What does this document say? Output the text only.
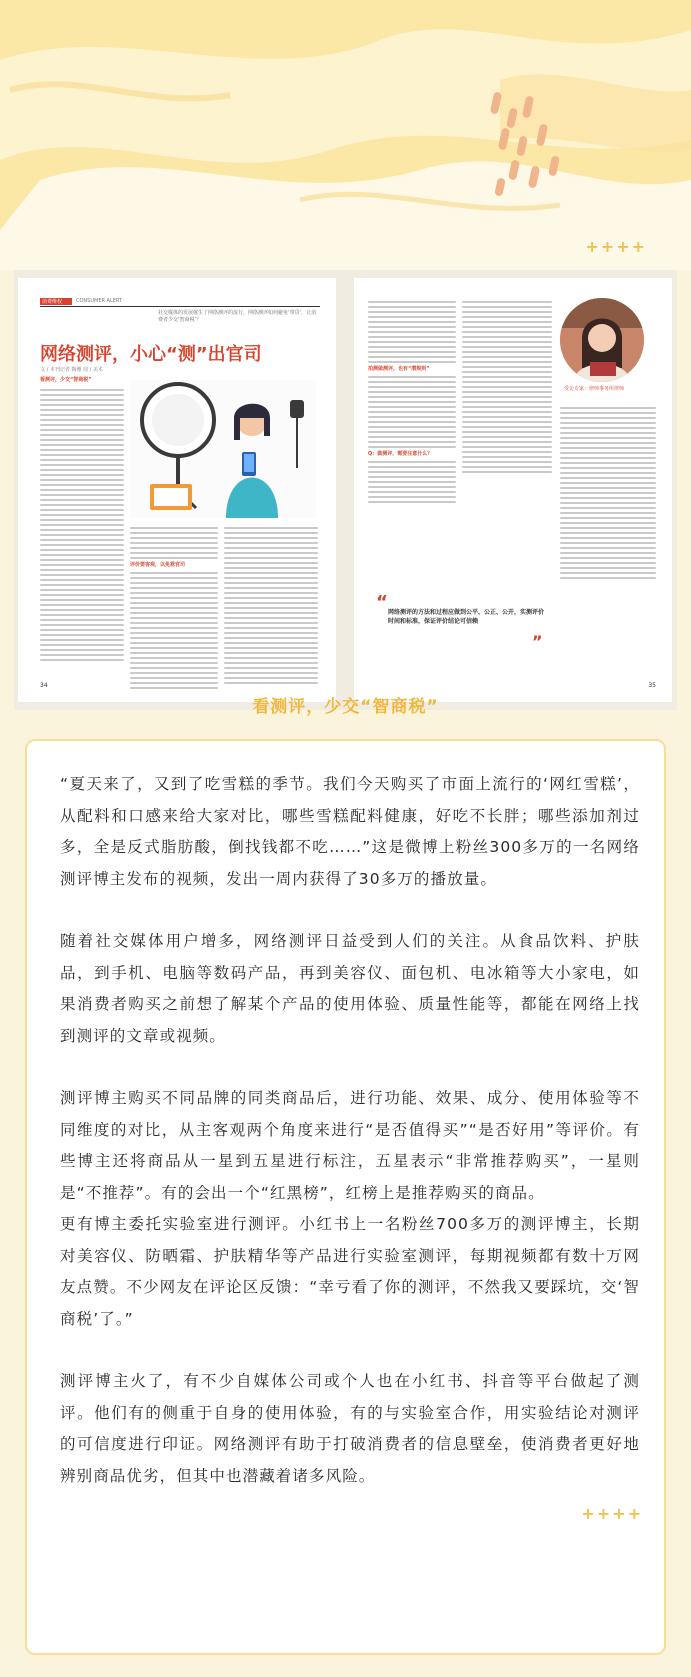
++++
消费维权	CONSUMER ALERT
社交媒体的发展催生了网络测评的流行，网络测评如何避免‘带货’，让消费者少交‘智商税’？
网络测评，小心“测”出官司
文 / 本刊记者 陶雅 周 / 美术
看测评，少交“智商税”
评价要客观，以免惹官司
34
拍测做测评，也有“潜规则”
Q：做测评，需要注意什么？
受访专家：律师事务所律师
“ 网络测评的方法和过程应做到公平、公正、公开，实测评价时间和标准，保证评价结论可信赖
”
35
看测评，少交“智商税”

“夏天来了，又到了吃雪糕的季节。我们今天购买了市面上流行的‘网红雪糕’，从配料和口感来给大家对比，哪些雪糕配料健康，好吃不长胖；哪些添加剂过多，全是反式脂肪酸，倒找钱都不吃……”这是微博上粉丝300多万的一名网络测评博主发布的视频，发出一周内获得了30多万的播放量。

随着社交媒体用户增多，网络测评日益受到人们的关注。从食品饮料、护肤品，到手机、电脑等数码产品，再到美容仪、面包机、电冰箱等大小家电，如果消费者购买之前想了解某个产品的使用体验、质量性能等，都能在网络上找到测评的文章或视频。

测评博主购买不同品牌的同类商品后，进行功能、效果、成分、使用体验等不同维度的对比，从主客观两个角度来进行“是否值得买”“是否好用”等评价。有些博主还将商品从一星到五星进行标注，五星表示“非常推荐购买”，一星则是“不推荐”。有的会出一个“红黑榜”，红榜上是推荐购买的商品。

更有博主委托实验室进行测评。小红书上一名粉丝700多万的测评博主，长期对美容仪、防晒霜、护肤精华等产品进行实验室测评，每期视频都有数十万网友点赞。不少网友在评论区反馈：“幸亏看了你的测评，不然我又要踩坑，交‘智商税’了。”

测评博主火了，有不少自媒体公司或个人也在小红书、抖音等平台做起了测评。他们有的侧重于自身的使用体验，有的与实验室合作，用实验结论对测评的可信度进行印证。网络测评有助于打破消费者的信息壁垒，使消费者更好地辨别商品优劣，但其中也潜藏着诸多风险。

++++
